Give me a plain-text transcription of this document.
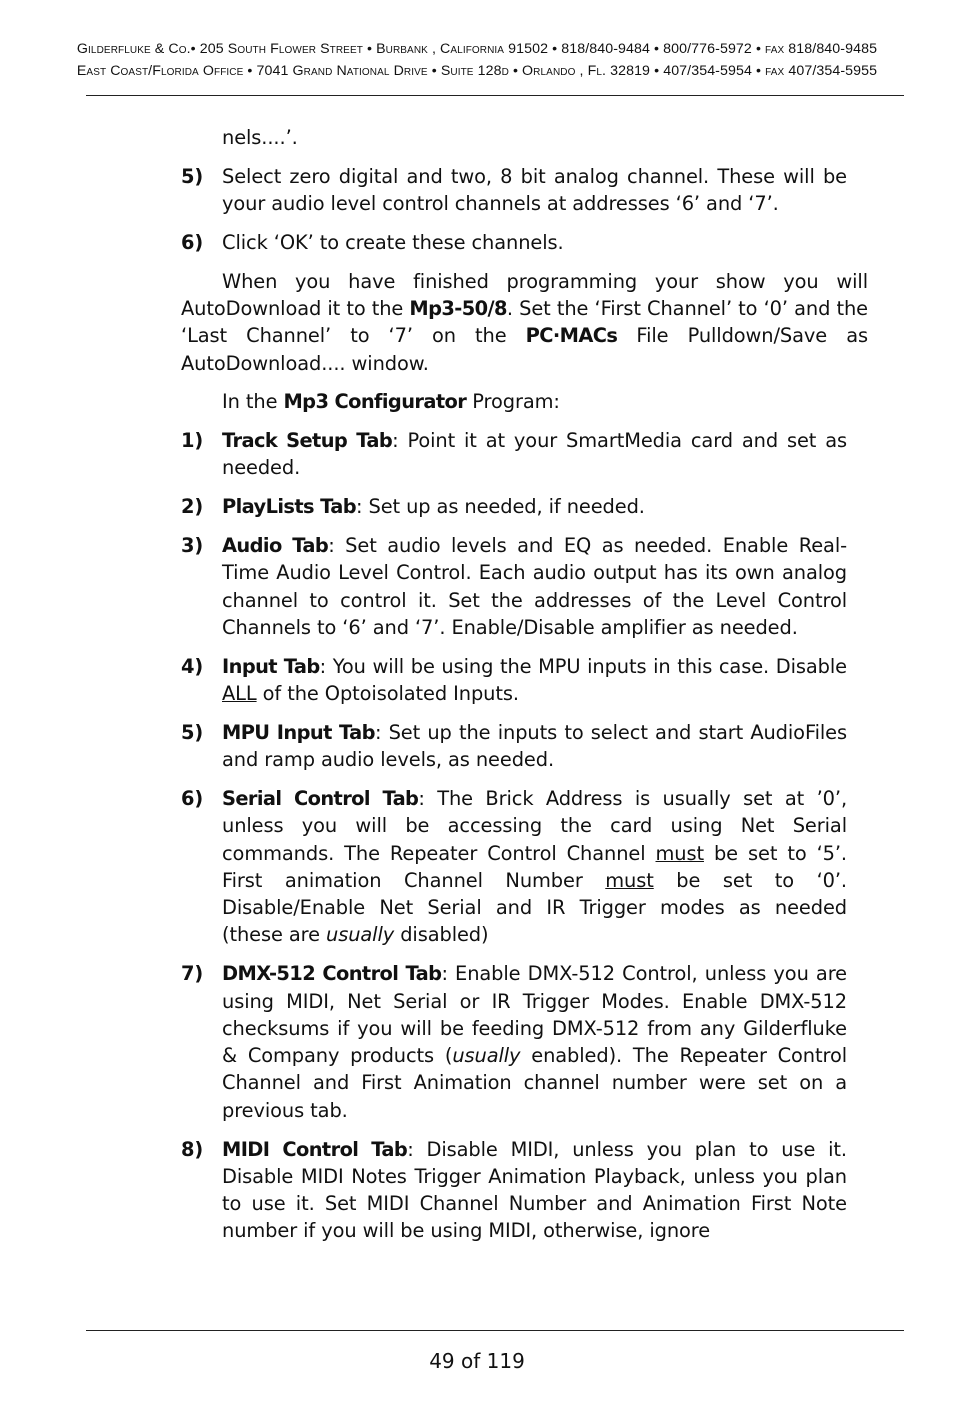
Gilderfluke & Co.• 205 South Flower Street • Burbank , California 91502 • 818/840-9484 • 800/776-5972 • fax 818/840-9485
East Coast/Florida Office • 7041 Grand National Drive • Suite 128d • Orlando , Fl. 32819 • 407/354-5954 • fax 407/354-5955
nels....’.
5) Select zero digital and two, 8 bit analog channel. These will be your audio level control channels at addresses ‘6’ and ‘7’.
6) Click ‘OK’ to create these channels.

When you have finished programming your show you will AutoDownload it to the Mp3-50/8. Set the ‘First Channel’ to ‘0’ and the ‘Last Channel’ to ‘7’ on the PC·MACs File Pulldown/Save as AutoDownload.... window.

In the Mp3 Configurator Program:

1) Track Setup Tab: Point it at your SmartMedia card and set as needed.
2) PlayLists Tab: Set up as needed, if needed.
3) Audio Tab: Set audio levels and EQ as needed. Enable Real-Time Audio Level Control. Each audio output has its own analog channel to control it. Set the addresses of the Level Control Channels to ‘6’ and ‘7’. Enable/Disable amplifier as needed.
4) Input Tab: You will be using the MPU inputs in this case. Disable ALL of the Optoisolated Inputs.
5) MPU Input Tab: Set up the inputs to select and start AudioFiles and ramp audio levels, as needed.
6) Serial Control Tab: The Brick Address is usually set at ’0’, unless you will be accessing the card using Net Serial commands. The Repeater Control Channel must be set to ‘5’. First animation Channel Number must be set to ‘0’. Disable/Enable Net Serial and IR Trigger modes as needed (these are usually disabled)
7) DMX-512 Control Tab: Enable DMX-512 Control, unless you are using MIDI, Net Serial or IR Trigger Modes. Enable DMX-512 checksums if you will be feeding DMX-512 from any Gilderfluke & Company products (usually enabled). The Repeater Control Channel and First Animation channel number were set on a previous tab.
8) MIDI Control Tab: Disable MIDI, unless you plan to use it. Disable MIDI Notes Trigger Animation Playback, unless you plan to use it. Set MIDI Channel Number and Animation First Note number if you will be using MIDI, otherwise, ignore
49 of 119
